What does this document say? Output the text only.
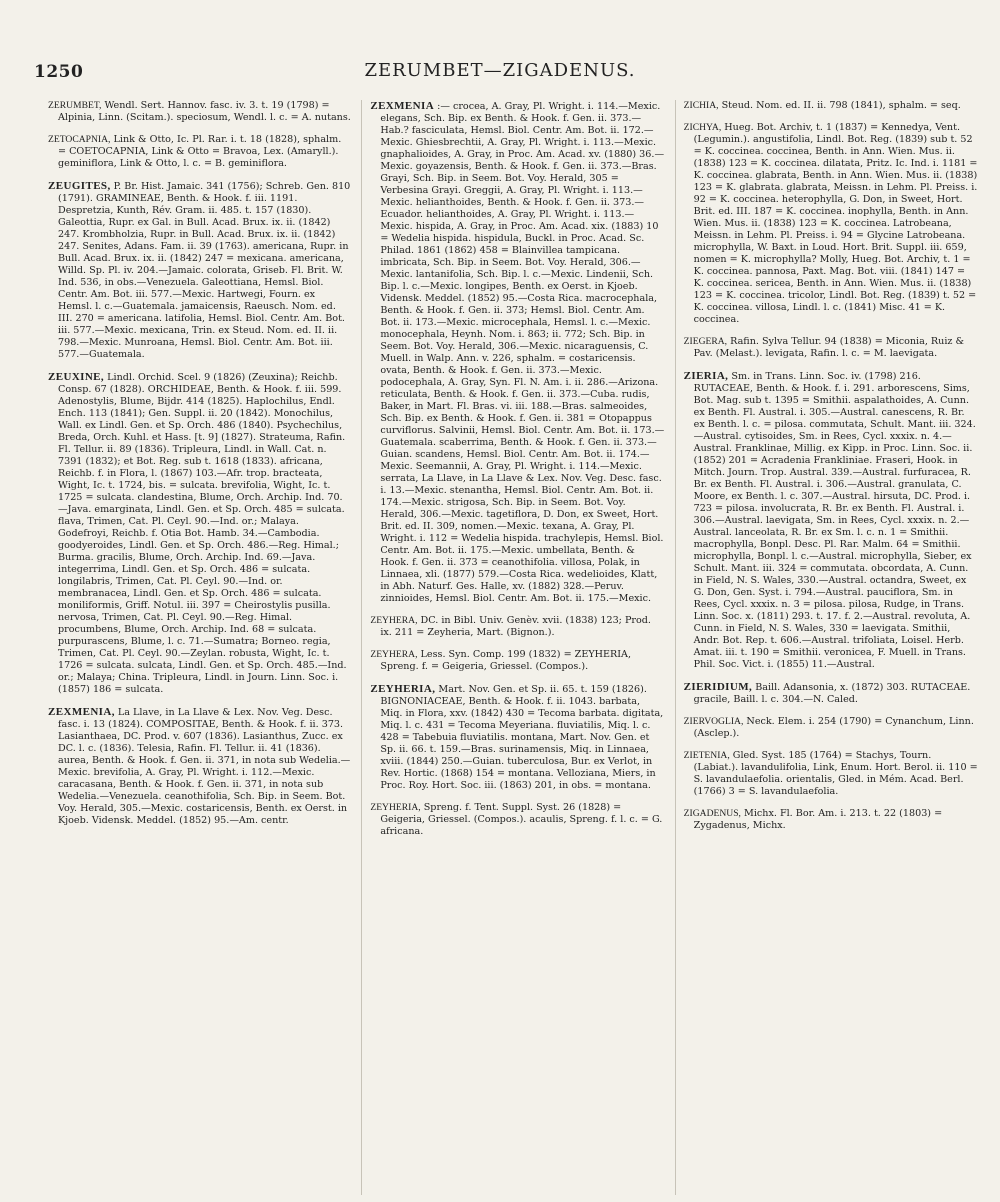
1250	ZERUMBET—ZIGADENUS.
ZERUMBET, Wendl. Sert. Hannov. fasc. iv. 3. t. 19 (1798) = Alpinia, Linn. (Scitam.). speciosum, Wendl. l. c. = A. nutans.
ZETOCAPNIA, Link & Otto, Ic. Pl. Rar. i. t. 18 (1828), sphalm. = COETOCAPNIA, Link & Otto = Bravoa, Lex. (Amaryll.). geminiflora, Link & Otto, l. c. = B. geminiflora.
ZEUGITES, P. Br. Hist. Jamaic. 341 (1756); Schreb. Gen. 810 (1791). GRAMINEAE, Benth. & Hook. f. iii. 1191. Despretzia, Kunth, Rév. Gram. ii. 485. t. 157 (1830). Galeottia, Rupr. ex Gal. in Bull. Acad. Brux. ix. ii. (1842) 247. Krombholzia, Rupr. in Bull. Acad. Brux. ix. ii. (1842) 247. Senites, Adans. Fam. ii. 39 (1763). americana, Rupr. in Bull. Acad. Brux. ix. ii. (1842) 247 = mexicana. americana, Willd. Sp. Pl. iv. 204.—Jamaic. colorata, Griseb. Fl. Brit. W. Ind. 536, in obs.—Venezuela. Galeottiana, Hemsl. Biol. Centr. Am. Bot. iii. 577.—Mexic. Hartwegi, Fourn. ex Hemsl. l. c.—Guatemala. jamaicensis, Raeusch. Nom. ed. III. 270 = americana. latifolia, Hemsl. Biol. Centr. Am. Bot. iii. 577.—Mexic. mexicana, Trin. ex Steud. Nom. ed. II. ii. 798.—Mexic. Munroana, Hemsl. Biol. Centr. Am. Bot. iii. 577.—Guatemala.
ZEUXINE, Lindl. Orchid. Scel. 9 (1826) (Zeuxina); Reichb. Consp. 67 (1828). ORCHIDEAE, Benth. & Hook. f. iii. 599. Adenostylis, Blume, Bijdr. 414 (1825). Haplochilus, Endl. Ench. 113 (1841); Gen. Suppl. ii. 20 (1842). Monochilus, Wall. ex Lindl. Gen. et Sp. Orch. 486 (1840). Psychechilus, Breda, Orch. Kuhl. et Hass. [t. 9] (1827). Strateuma, Rafin. Fl. Tellur. ii. 89 (1836). Tripleura, Lindl. in Wall. Cat. n. 7391 (1832); et Bot. Reg. sub t. 1618 (1833). africana, Reichb. f. in Flora, l. (1867) 103.—Afr. trop. bracteata, Wight, Ic. t. 1724, bis. = sulcata. brevifolia, Wight, Ic. t. 1725 = sulcata. clandestina, Blume, Orch. Archip. Ind. 70.—Java. emarginata, Lindl. Gen. et Sp. Orch. 485 = sulcata. flava, Trimen, Cat. Pl. Ceyl. 90.—Ind. or.; Malaya. Godefroyi, Reichb. f. Otia Bot. Hamb. 34.—Cambodia. goodyeroides, Lindl. Gen. et Sp. Orch. 486.—Reg. Himal.; Burma. gracilis, Blume, Orch. Archip. Ind. 69.—Java. integerrima, Lindl. Gen. et Sp. Orch. 486 = sulcata. longilabris, Trimen, Cat. Pl. Ceyl. 90.—Ind. or. membranacea, Lindl. Gen. et Sp. Orch. 486 = sulcata. moniliformis, Griff. Notul. iii. 397 = Cheirostylis pusilla. nervosa, Trimen, Cat. Pl. Ceyl. 90.—Reg. Himal. procumbens, Blume, Orch. Archip. Ind. 68 = sulcata. purpurascens, Blume, l. c. 71.—Sumatra; Borneo. regia, Trimen, Cat. Pl. Ceyl. 90.—Zeylan. robusta, Wight, Ic. t. 1726 = sulcata. sulcata, Lindl. Gen. et Sp. Orch. 485.—Ind. or.; Malaya; China. Tripleura, Lindl. in Journ. Linn. Soc. i. (1857) 186 = sulcata.
ZEXMENIA, La Llave, in La Llave & Lex. Nov. Veg. Desc. fasc. i. 13 (1824). COMPOSITAE, Benth. & Hook. f. ii. 373. Lasianthaea, DC. Prod. v. 607 (1836). Lasianthus, Zucc. ex DC. l. c. (1836). Telesia, Rafin. Fl. Tellur. ii. 41 (1836). aurea, Benth. & Hook. f. Gen. ii. 371, in nota sub Wedelia.—Mexic. brevifolia, A. Gray, Pl. Wright. i. 112.—Mexic. caracasana, Benth. & Hook. f. Gen. ii. 371, in nota sub Wedelia.—Venezuela. ceanothifolia, Sch. Bip. in Seem. Bot. Voy. Herald, 305.—Mexic. costaricensis, Benth. ex Oerst. in Kjoeb. Vidensk. Meddel. (1852) 95.—Am. centr.
ZEXMENIA :— crocea, A. Gray, Pl. Wright. i. 114.—Mexic. elegans, Sch. Bip. ex Benth. & Hook. f. Gen. ii. 373.—Hab.? fasciculata, Hemsl. Biol. Centr. Am. Bot. ii. 172.—Mexic. Ghiesbrechtii, A. Gray, Pl. Wright. i. 113.—Mexic. gnaphalioides, A. Gray, in Proc. Am. Acad. xv. (1880) 36.—Mexic. goyazensis, Benth. & Hook. f. Gen. ii. 373.—Bras. Grayi, Sch. Bip. in Seem. Bot. Voy. Herald, 305 = Verbesina Grayi. Greggii, A. Gray, Pl. Wright. i. 113.—Mexic. helianthoides, Benth. & Hook. f. Gen. ii. 373.—Ecuador. helianthoides, A. Gray, Pl. Wright. i. 113.—Mexic. hispida, A. Gray, in Proc. Am. Acad. xix. (1883) 10 = Wedelia hispida. hispidula, Buckl. in Proc. Acad. Sc. Philad. 1861 (1862) 458 = Blainvillea tampicana. imbricata, Sch. Bip. in Seem. Bot. Voy. Herald, 306.—Mexic. lantanifolia, Sch. Bip. l. c.—Mexic. Lindenii, Sch. Bip. l. c.—Mexic. longipes, Benth. ex Oerst. in Kjoeb. Vidensk. Meddel. (1852) 95.—Costa Rica. macrocephala, Benth. & Hook. f. Gen. ii. 373; Hemsl. Biol. Centr. Am. Bot. ii. 173.—Mexic. microcephala, Hemsl. l. c.—Mexic. monocephala, Heynh. Nom. i. 863; ii. 772; Sch. Bip. in Seem. Bot. Voy. Herald, 306.—Mexic. nicaraguensis, C. Muell. in Walp. Ann. v. 226, sphalm. = costaricensis. ovata, Benth. & Hook. f. Gen. ii. 373.—Mexic. podocephala, A. Gray, Syn. Fl. N. Am. i. ii. 286.—Arizona. reticulata, Benth. & Hook. f. Gen. ii. 373.—Cuba. rudis, Baker, in Mart. Fl. Bras. vi. iii. 188.—Bras. salmeoides, Sch. Bip. ex Benth. & Hook. f. Gen. ii. 381 = Otopappus curviflorus. Salvinii, Hemsl. Biol. Centr. Am. Bot. ii. 173.—Guatemala. scaberrima, Benth. & Hook. f. Gen. ii. 373.—Guian. scandens, Hemsl. Biol. Centr. Am. Bot. ii. 174.—Mexic. Seemannii, A. Gray, Pl. Wright. i. 114.—Mexic. serrata, La Llave, in La Llave & Lex. Nov. Veg. Desc. fasc. i. 13.—Mexic. stenantha, Hemsl. Biol. Centr. Am. Bot. ii. 174.—Mexic. strigosa, Sch. Bip. in Seem. Bot. Voy. Herald, 306.—Mexic. tagetiflora, D. Don, ex Sweet, Hort. Brit. ed. II. 309, nomen.—Mexic. texana, A. Gray, Pl. Wright. i. 112 = Wedelia hispida. trachylepis, Hemsl. Biol. Centr. Am. Bot. ii. 175.—Mexic. umbellata, Benth. & Hook. f. Gen. ii. 373 = ceanothifolia. villosa, Polak, in Linnaea, xli. (1877) 579.—Costa Rica. wedelioides, Klatt, in Abh. Naturf. Ges. Halle, xv. (1882) 328.—Peruv. zinnioides, Hemsl. Biol. Centr. Am. Bot. ii. 175.—Mexic.
ZEYHERA, DC. in Bibl. Univ. Genèv. xvii. (1838) 123; Prod. ix. 211 = Zeyheria, Mart. (Bignon.).
ZEYHERA, Less. Syn. Comp. 199 (1832) = ZEYHERIA, Spreng. f. = Geigeria, Griessel. (Compos.).
ZEYHERIA, Mart. Nov. Gen. et Sp. ii. 65. t. 159 (1826). BIGNONIACEAE, Benth. & Hook. f. ii. 1043. barbata, Miq. in Flora, xxv. (1842) 430 = Tecoma barbata. digitata, Miq. l. c. 431 = Tecoma Meyeriana. fluviatilis, Miq. l. c. 428 = Tabebuia fluviatilis. montana, Mart. Nov. Gen. et Sp. ii. 66. t. 159.—Bras. surinamensis, Miq. in Linnaea, xviii. (1844) 250.—Guian. tuberculosa, Bur. ex Verlot, in Rev. Hortic. (1868) 154 = montana. Velloziana, Miers, in Proc. Roy. Hort. Soc. iii. (1863) 201, in obs. = montana.
ZEYHERIA, Spreng. f. Tent. Suppl. Syst. 26 (1828) = Geigeria, Griessel. (Compos.). acaulis, Spreng. f. l. c. = G. africana.
ZICHIA, Steud. Nom. ed. II. ii. 798 (1841), sphalm. = seq.
ZICHYA, Hueg. Bot. Archiv, t. 1 (1837) = Kennedya, Vent. (Legumin.). angustifolia, Lindl. Bot. Reg. (1839) sub t. 52 = K. coccinea. coccinea, Benth. in Ann. Wien. Mus. ii. (1838) 123 = K. coccinea. dilatata, Pritz. Ic. Ind. i. 1181 = K. coccinea. glabrata, Benth. in Ann. Wien. Mus. ii. (1838) 123 = K. glabrata. glabrata, Meissn. in Lehm. Pl. Preiss. i. 92 = K. coccinea. heterophylla, G. Don, in Sweet, Hort. Brit. ed. III. 187 = K. coccinea. inophylla, Benth. in Ann. Wien. Mus. ii. (1838) 123 = K. coccinea. Latrobeana, Meissn. in Lehm. Pl. Preiss. i. 94 = Glycine Latrobeana. microphylla, W. Baxt. in Loud. Hort. Brit. Suppl. iii. 659, nomen = K. microphylla? Molly, Hueg. Bot. Archiv, t. 1 = K. coccinea. pannosa, Paxt. Mag. Bot. viii. (1841) 147 = K. coccinea. sericea, Benth. in Ann. Wien. Mus. ii. (1838) 123 = K. coccinea. tricolor, Lindl. Bot. Reg. (1839) t. 52 = K. coccinea. villosa, Lindl. l. c. (1841) Misc. 41 = K. coccinea.
ZIEGERA, Rafin. Sylva Tellur. 94 (1838) = Miconia, Ruiz & Pav. (Melast.). levigata, Rafin. l. c. = M. laevigata.
ZIERIA, Sm. in Trans. Linn. Soc. iv. (1798) 216. RUTACEAE, Benth. & Hook. f. i. 291. arborescens, Sims, Bot. Mag. sub t. 1395 = Smithii. aspalathoides, A. Cunn. ex Benth. Fl. Austral. i. 305.—Austral. canescens, R. Br. ex Benth. l. c. = pilosa. commutata, Schult. Mant. iii. 324.—Austral. cytisoides, Sm. in Rees, Cycl. xxxix. n. 4.—Austral. Franklinae, Millig. ex Kipp. in Proc. Linn. Soc. ii. (1852) 201 = Acradenia Frankliniae. Fraseri, Hook. in Mitch. Journ. Trop. Austral. 339.—Austral. furfuracea, R. Br. ex Benth. Fl. Austral. i. 306.—Austral. granulata, C. Moore, ex Benth. l. c. 307.—Austral. hirsuta, DC. Prod. i. 723 = pilosa. involucrata, R. Br. ex Benth. Fl. Austral. i. 306.—Austral. laevigata, Sm. in Rees, Cycl. xxxix. n. 2.—Austral. lanceolata, R. Br. ex Sm. l. c. n. 1 = Smithii. macrophylla, Bonpl. Desc. Pl. Rar. Malm. 64 = Smithii. microphylla, Bonpl. l. c.—Austral. microphylla, Sieber, ex Schult. Mant. iii. 324 = commutata. obcordata, A. Cunn. in Field, N. S. Wales, 330.—Austral. octandra, Sweet, ex G. Don, Gen. Syst. i. 794.—Austral. pauciflora, Sm. in Rees, Cycl. xxxix. n. 3 = pilosa. pilosa, Rudge, in Trans. Linn. Soc. x. (1811) 293. t. 17. f. 2.—Austral. revoluta, A. Cunn. in Field, N. S. Wales, 330 = laevigata. Smithii, Andr. Bot. Rep. t. 606.—Austral. trifoliata, Loisel. Herb. Amat. iii. t. 190 = Smithii. veronicea, F. Muell. in Trans. Phil. Soc. Vict. i. (1855) 11.—Austral.
ZIERIDIUM, Baill. Adansonia, x. (1872) 303. RUTACEAE. gracile, Baill. l. c. 304.—N. Caled.
ZIERVOGLIA, Neck. Elem. i. 254 (1790) = Cynanchum, Linn. (Asclep.).
ZIETENIA, Gled. Syst. 185 (1764) = Stachys, Tourn. (Labiat.). lavandulifolia, Link, Enum. Hort. Berol. ii. 110 = S. lavandulaefolia. orientalis, Gled. in Mém. Acad. Berl. (1766) 3 = S. lavandulaefolia.
ZIGADENUS, Michx. Fl. Bor. Am. i. 213. t. 22 (1803) = Zygadenus, Michx.
